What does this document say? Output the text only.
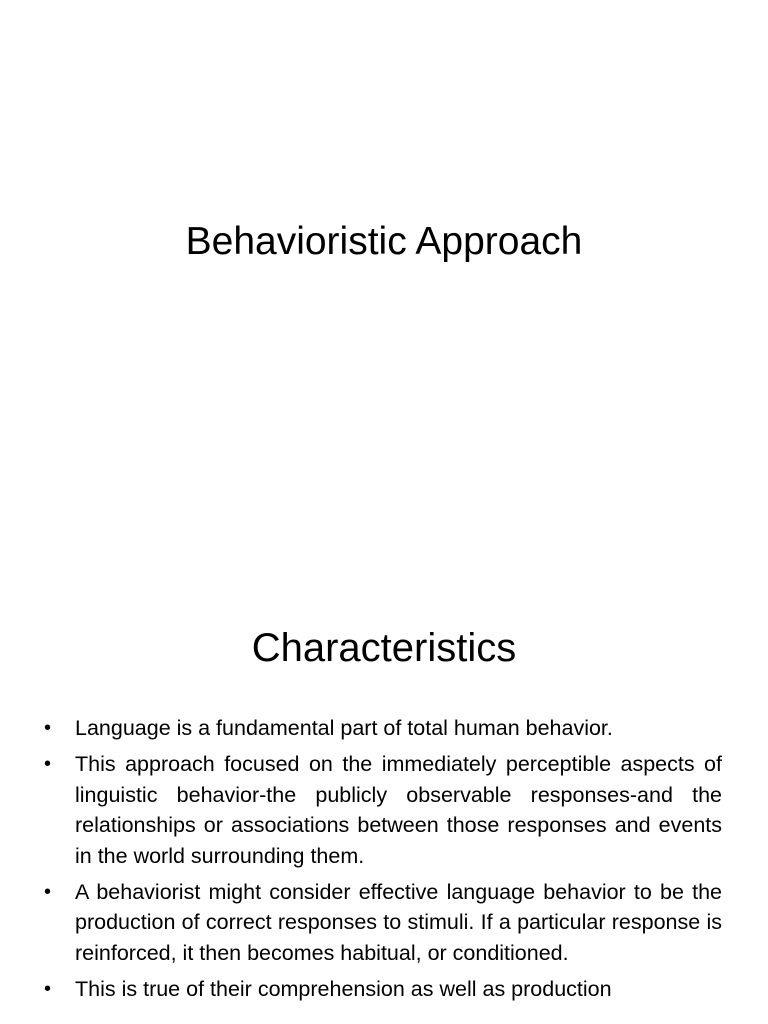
Behavioristic Approach
Characteristics
• Language is a fundamental part of total human behavior.
• This approach focused on the immediately perceptible aspects of linguistic behavior-the publicly observable responses-and the relationships or associations between those responses and events in the world surrounding them.
• A behaviorist might consider effective language behavior to be the production of correct responses to stimuli. If a particular response is reinforced, it then becomes habitual, or conditioned.
• This is true of their comprehension as well as production
